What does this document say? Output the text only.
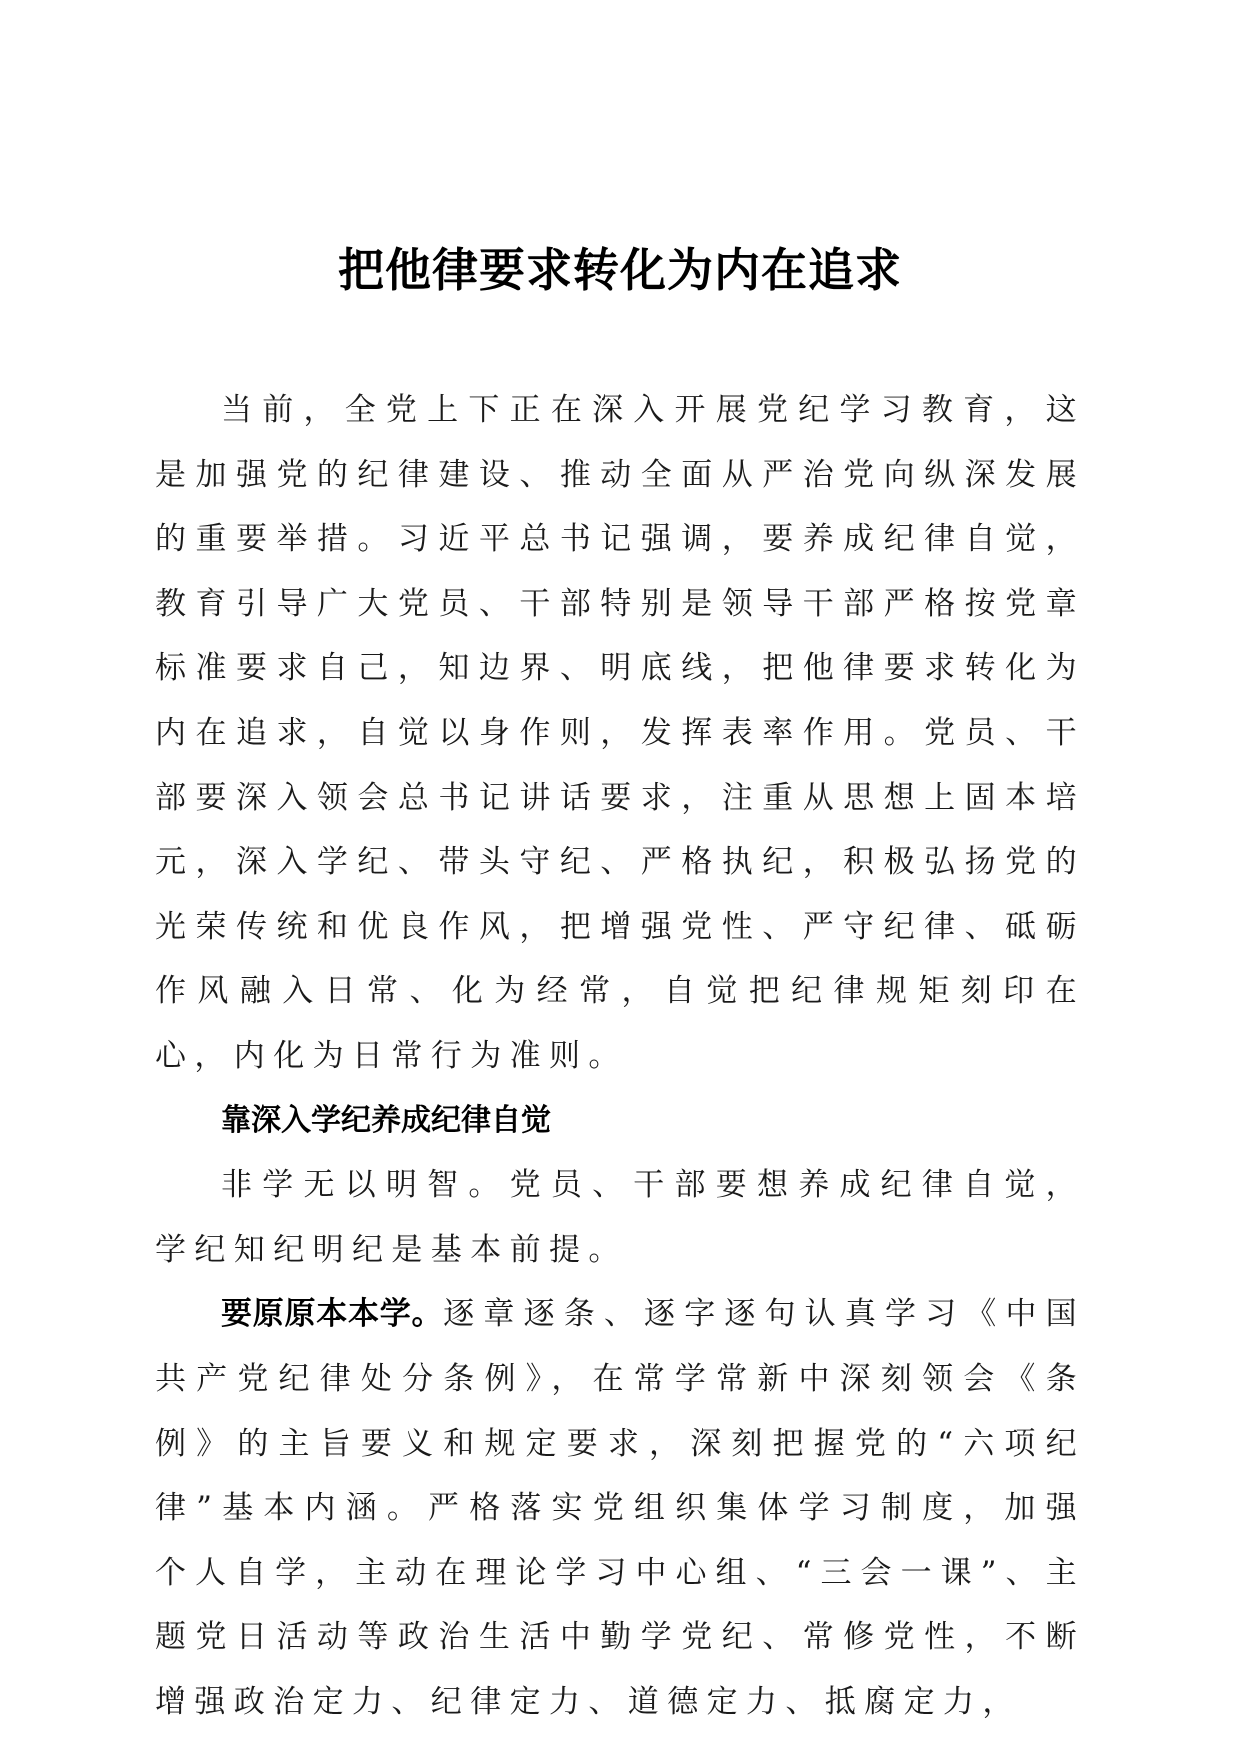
把他律要求转化为内在追求

当前，全党上下正在深入开展党纪学习教育，这是加强党的纪律建设、推动全面从严治党向纵深发展的重要举措。习近平总书记强调，要养成纪律自觉，教育引导广大党员、干部特别是领导干部严格按党章标准要求自己，知边界、明底线，把他律要求转化为内在追求，自觉以身作则，发挥表率作用。党员、干部要深入领会总书记讲话要求，注重从思想上固本培元，深入学纪、带头守纪、严格执纪，积极弘扬党的光荣传统和优良作风，把增强党性、严守纪律、砥砺作风融入日常、化为经常，自觉把纪律规矩刻印在心，内化为日常行为准则。

靠深入学纪养成纪律自觉

非学无以明智。党员、干部要想养成纪律自觉，学纪知纪明纪是基本前提。

要原原本本学。逐章逐条、逐字逐句认真学习《中国共产党纪律处分条例》，在常学常新中深刻领会《条例》的主旨要义和规定要求，深刻把握党的“六项纪律”基本内涵。严格落实党组织集体学习制度，加强个人自学，主动在理论学习中心组、“三会一课”、主题党日活动等政治生活中勤学党纪、常修党性，不断增强政治定力、纪律定力、道德定力、抵腐定力，
